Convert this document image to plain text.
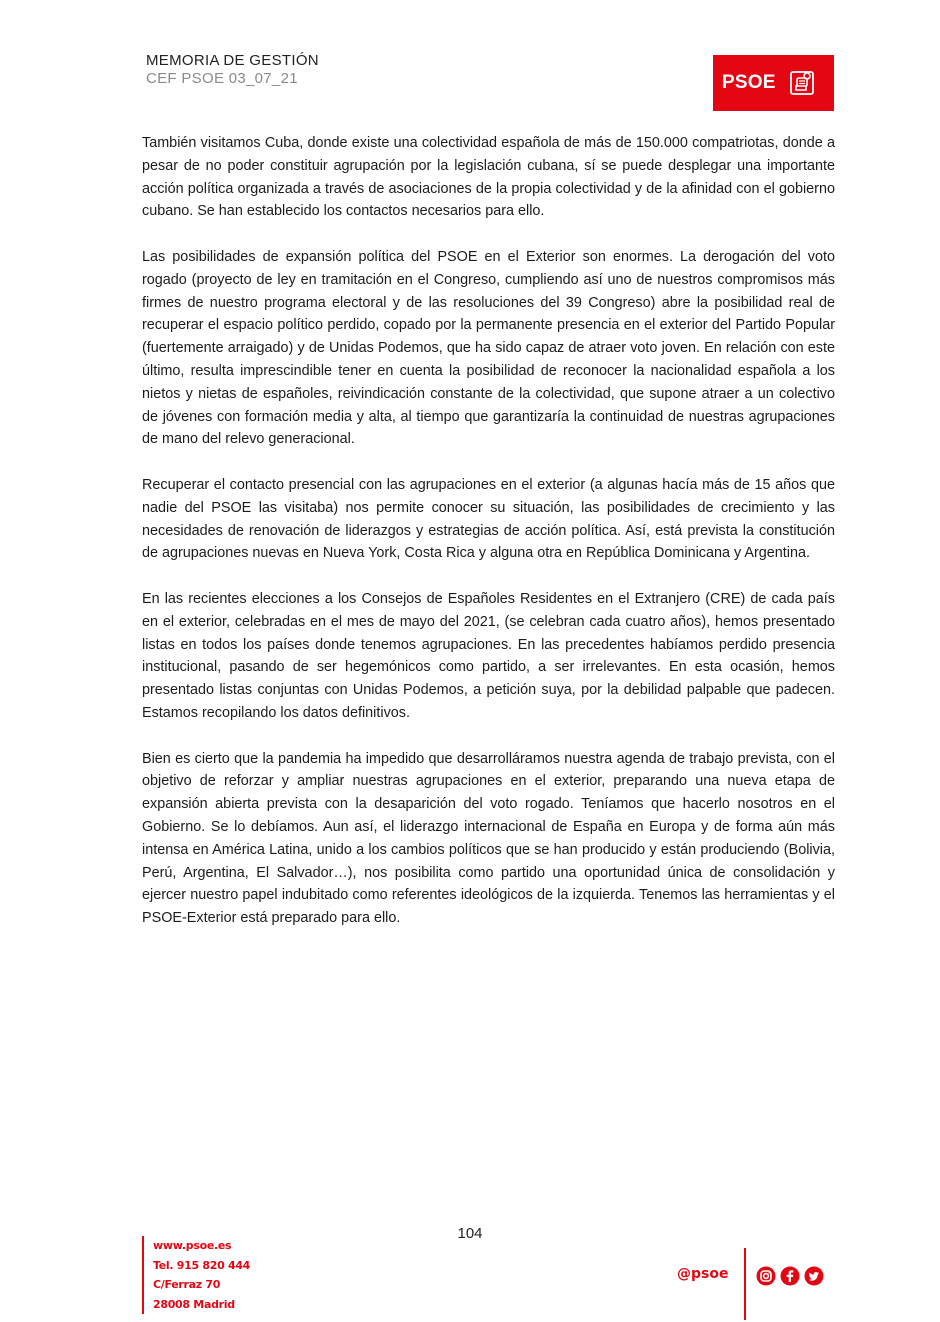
MEMORIA DE GESTIÓN
CEF PSOE 03_07_21	PSOE

También visitamos Cuba, donde existe una colectividad española de más de 150.000 compatriotas, donde a pesar de no poder constituir agrupación por la legislación cubana, sí se puede desplegar una importante acción política organizada a través de asociaciones de la propia colectividad y de la afinidad con el gobierno cubano. Se han establecido los contactos necesarios para ello.

Las posibilidades de expansión política del PSOE en el Exterior son enormes. La derogación del voto rogado (proyecto de ley en tramitación en el Congreso, cumpliendo así uno de nuestros compromisos más firmes de nuestro programa electoral y de las resoluciones del 39 Congreso) abre la posibilidad real de recuperar el espacio político perdido, copado por la permanente presencia en el exterior del Partido Popular (fuertemente arraigado) y de Unidas Podemos, que ha sido capaz de atraer voto joven. En relación con este último, resulta imprescindible tener en cuenta la posibilidad de reconocer la nacionalidad española a los nietos y nietas de españoles, reivindicación constante de la colectividad, que supone atraer a un colectivo de jóvenes con formación media y alta, al tiempo que garantizaría la continuidad de nuestras agrupaciones de mano del relevo generacional.

Recuperar el contacto presencial con las agrupaciones en el exterior (a algunas hacía más de 15 años que nadie del PSOE las visitaba) nos permite conocer su situación, las posibilidades de crecimiento y las necesidades de renovación de liderazgos y estrategias de acción política. Así, está prevista la constitución de agrupaciones nuevas en Nueva York, Costa Rica y alguna otra en República Dominicana y Argentina.

En las recientes elecciones a los Consejos de Españoles Residentes en el Extranjero (CRE) de cada país en el exterior, celebradas en el mes de mayo del 2021, (se celebran cada cuatro años), hemos presentado listas en todos los países donde tenemos agrupaciones. En las precedentes habíamos perdido presencia institucional, pasando de ser hegemónicos como partido, a ser irrelevantes. En esta ocasión, hemos presentado listas conjuntas con Unidas Podemos, a petición suya, por la debilidad palpable que padecen. Estamos recopilando los datos definitivos.

Bien es cierto que la pandemia ha impedido que desarrolláramos nuestra agenda de trabajo prevista, con el objetivo de reforzar y ampliar nuestras agrupaciones en el exterior, preparando una nueva etapa de expansión abierta prevista con la desaparición del voto rogado. Teníamos que hacerlo nosotros en el Gobierno. Se lo debíamos. Aun así, el liderazgo internacional de España en Europa y de forma aún más intensa en América Latina, unido a los cambios políticos que se han producido y están produciendo (Bolivia, Perú, Argentina, El Salvador…), nos posibilita como partido una oportunidad única de consolidación y ejercer nuestro papel indubitado como referentes ideológicos de la izquierda. Tenemos las herramientas y el PSOE-Exterior está preparado para ello.

104
www.psoe.es
Tel. 915 820 444
C/Ferraz 70
28008 Madrid
@psoe
